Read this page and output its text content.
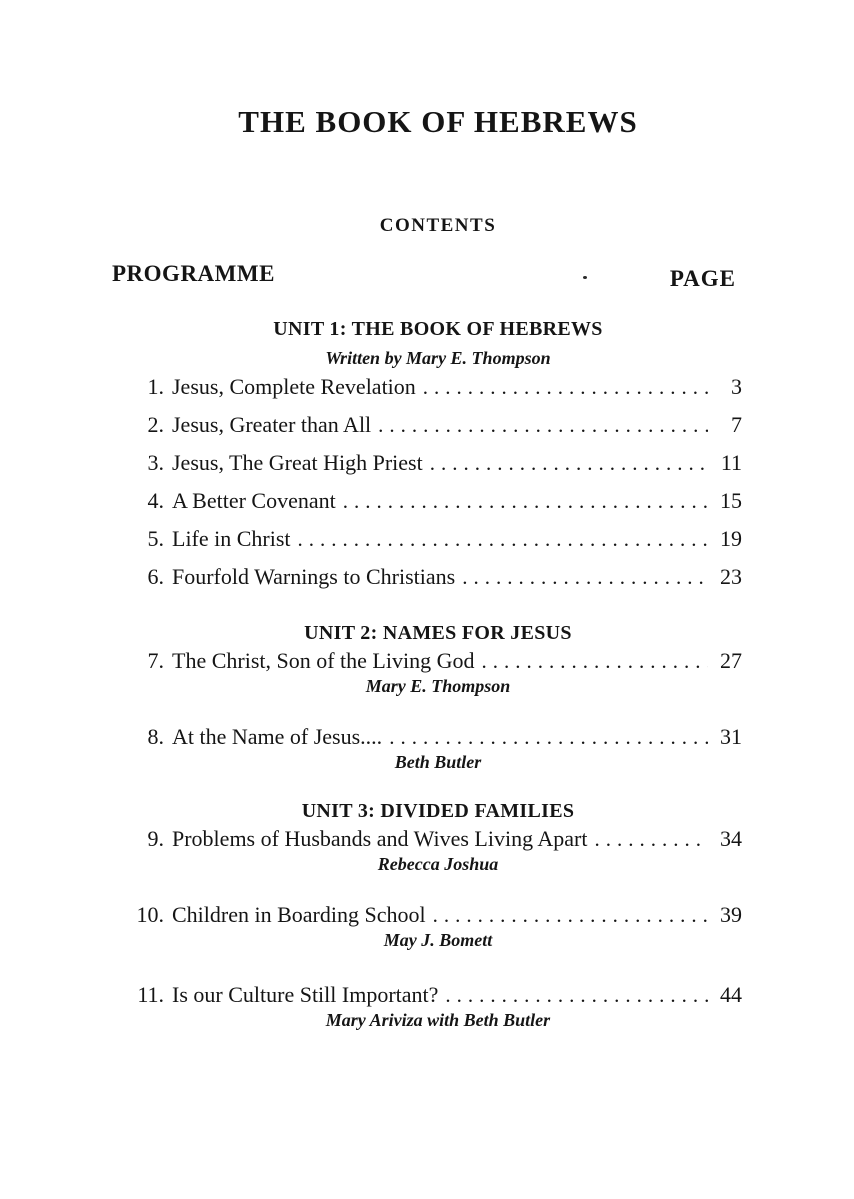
THE BOOK OF HEBREWS
CONTENTS
PROGRAMME	PAGE
UNIT 1: THE BOOK OF HEBREWS
Written by Mary E. Thompson
1. Jesus, Complete Revelation .....	3
2. Jesus, Greater than All .....	7
3. Jesus, The Great High Priest .....	11
4. A Better Covenant .....	15
5. Life in Christ .....	19
6. Fourfold Warnings to Christians .....	23
UNIT 2: NAMES FOR JESUS
7. The Christ, Son of the Living God .....	27
Mary E. Thompson
8. At the Name of Jesus.... .....	31
Beth Butler
UNIT 3: DIVIDED FAMILIES
9. Problems of Husbands and Wives Living Apart .....	34
Rebecca Joshua
10. Children in Boarding School .....	39
May J. Bomett
11. Is our Culture Still Important? .....	44
Mary Ariviza with Beth Butler
